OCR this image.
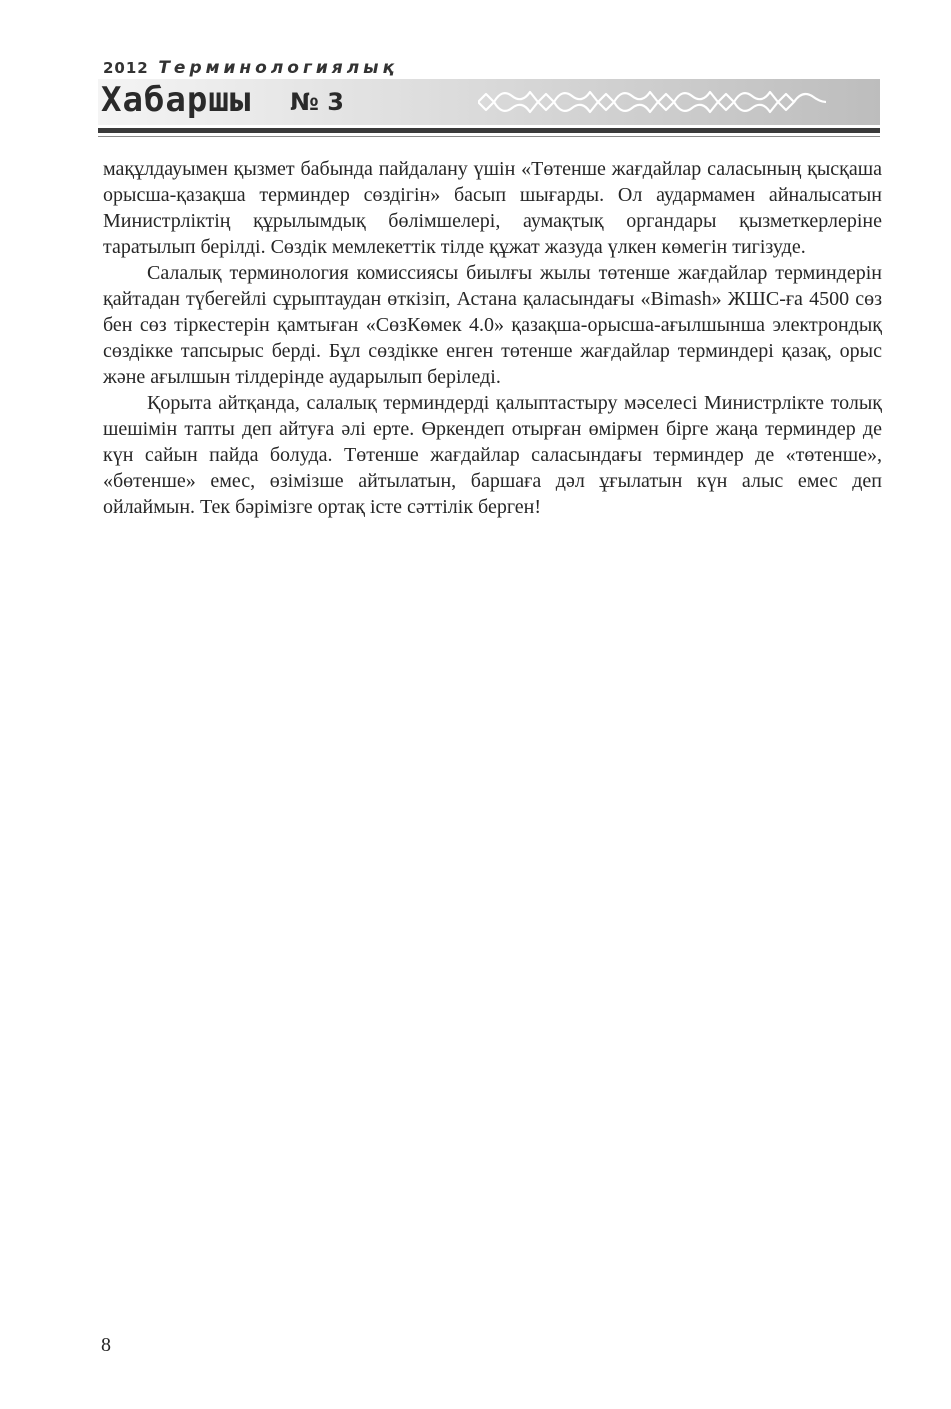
2012 Терминологиялық
Хабаршы № 3

мақұлдауымен қызмет бабында пайдалану үшін «Төтенше жағдайлар саласының қысқаша орысша-қазақша терминдер сөздігін» басып шығарды. Ол аудармамен айналысатын Министрліктің құрылымдық бөлімшелері, аумақтық органдары қызметкерлеріне таратылып берілді. Сөздік мемлекеттік тілде құжат жазуда үлкен көмегін тигізуде.

Салалық терминология комиссиясы биылғы жылы төтенше жағдайлар терминдерін қайтадан түбегейлі сұрыптаудан өткізіп, Астана қаласындағы «Bimash» ЖШС-ға 4500 сөз бен сөз тіркестерін қамтыған «СөзКөмек 4.0» қазақша-орысша-ағылшынша электрондық сөздікке тапсырыс берді. Бұл сөздікке енген төтенше жағдайлар терминдері қазақ, орыс және ағылшын тілдерінде аударылып беріледі.

Қорыта айтқанда, салалық терминдерді қалыптастыру мәселесі Министрлікте толық шешімін тапты деп айтуға әлі ерте. Өркендеп отырған өмірмен бірге жаңа терминдер де күн сайын пайда болуда. Төтенше жағдайлар саласындағы терминдер де «төтенше», «бөтенше» емес, өзімізше айтылатын, баршаға дәл ұғылатын күн алыс емес деп ойлаймын. Тек бәрімізге ортақ істе сәттілік берген!

8
